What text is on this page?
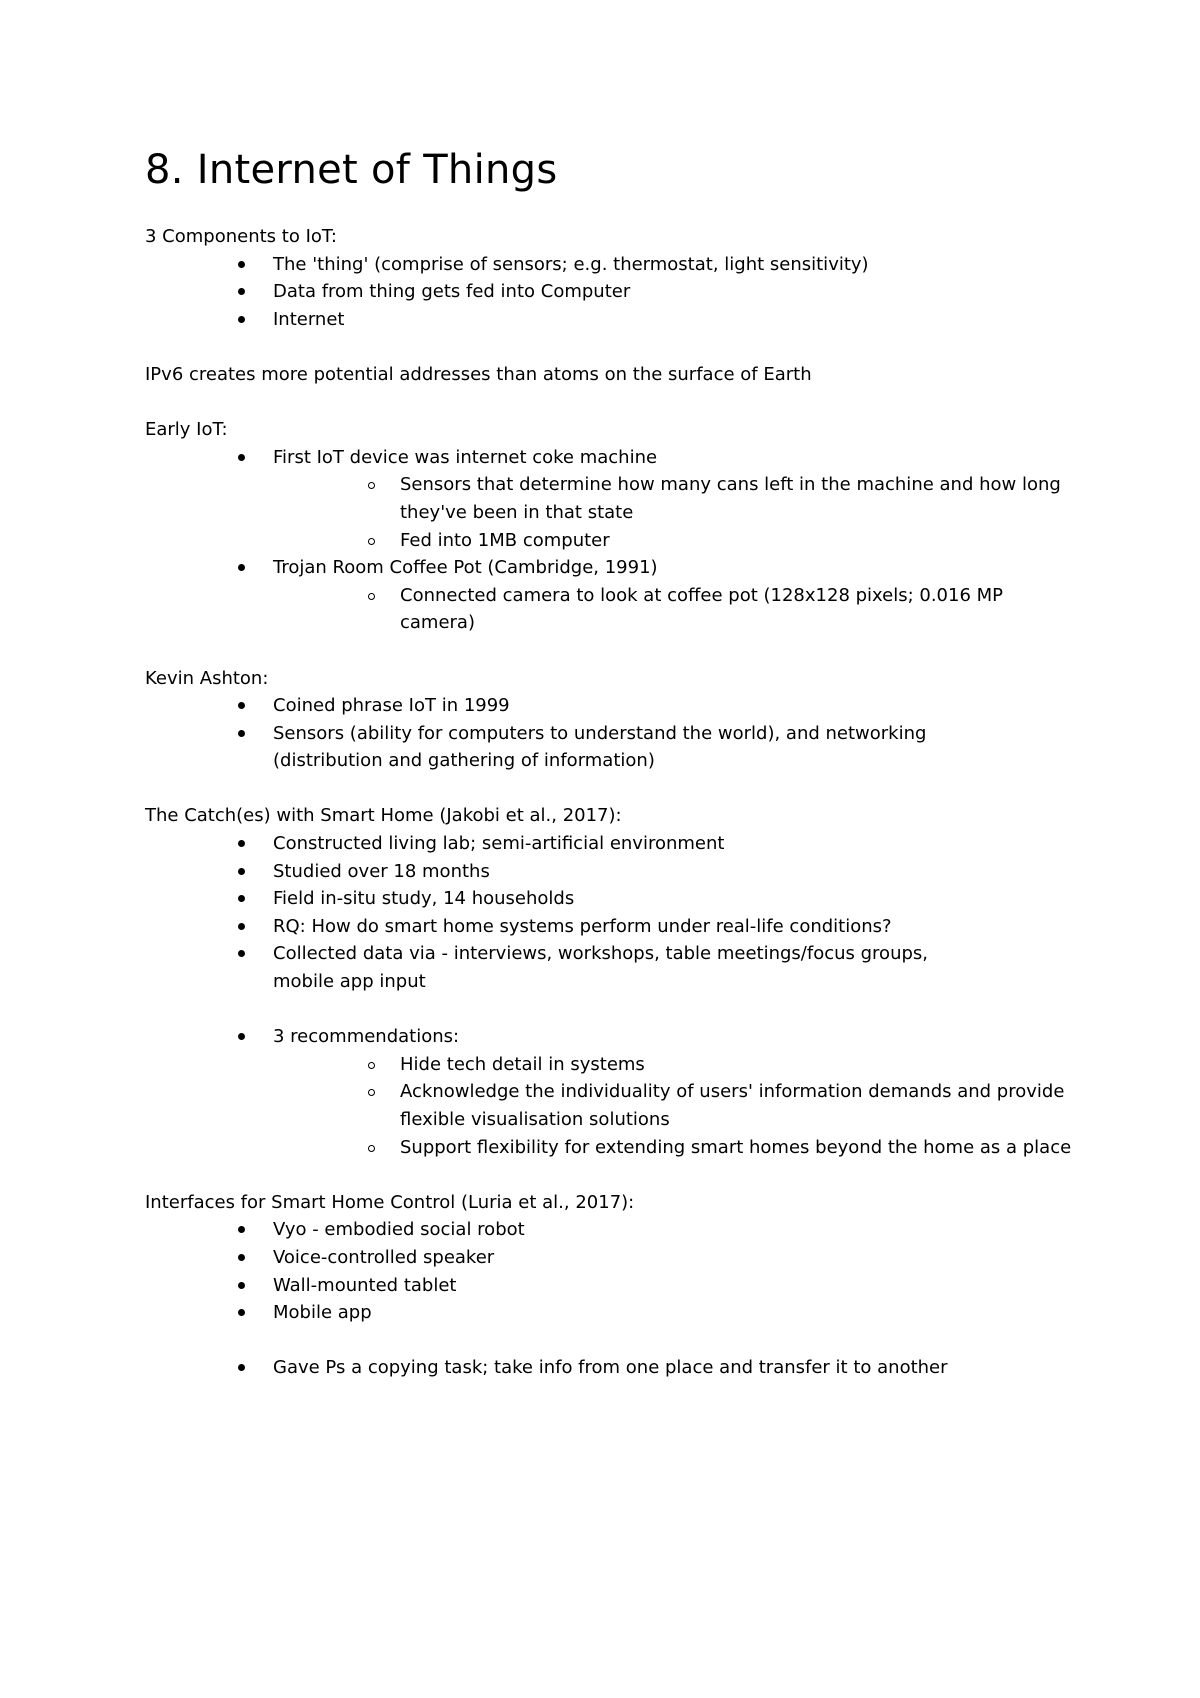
8. Internet of Things

3 Components to IoT:

The 'thing' (comprise of sensors; e.g. thermostat, light sensitivity)
Data from thing gets fed into Computer
Internet

IPv6 creates more potential addresses than atoms on the surface of Earth

Early IoT:

First IoT device was internet coke machine
Sensors that determine how many cans left in the machine and how long they've been in that state
Fed into 1MB computer
Trojan Room Coffee Pot (Cambridge, 1991)
Connected camera to look at coffee pot (128x128 pixels; 0.016 MP camera)

Kevin Ashton:

Coined phrase IoT in 1999
Sensors (ability for computers to understand the world), and networking (distribution and gathering of information)

The Catch(es) with Smart Home (Jakobi et al., 2017):

Constructed living lab; semi-artificial environment
Studied over 18 months
Field in-situ study, 14 households
RQ: How do smart home systems perform under real-life conditions?
Collected data via - interviews, workshops, table meetings/focus groups, mobile app input
3 recommendations:
Hide tech detail in systems
Acknowledge the individuality of users' information demands and provide flexible visualisation solutions
Support flexibility for extending smart homes beyond the home as a place

Interfaces for Smart Home Control (Luria et al., 2017):

Vyo - embodied social robot
Voice-controlled speaker
Wall-mounted tablet
Mobile app
Gave Ps a copying task; take info from one place and transfer it to another
